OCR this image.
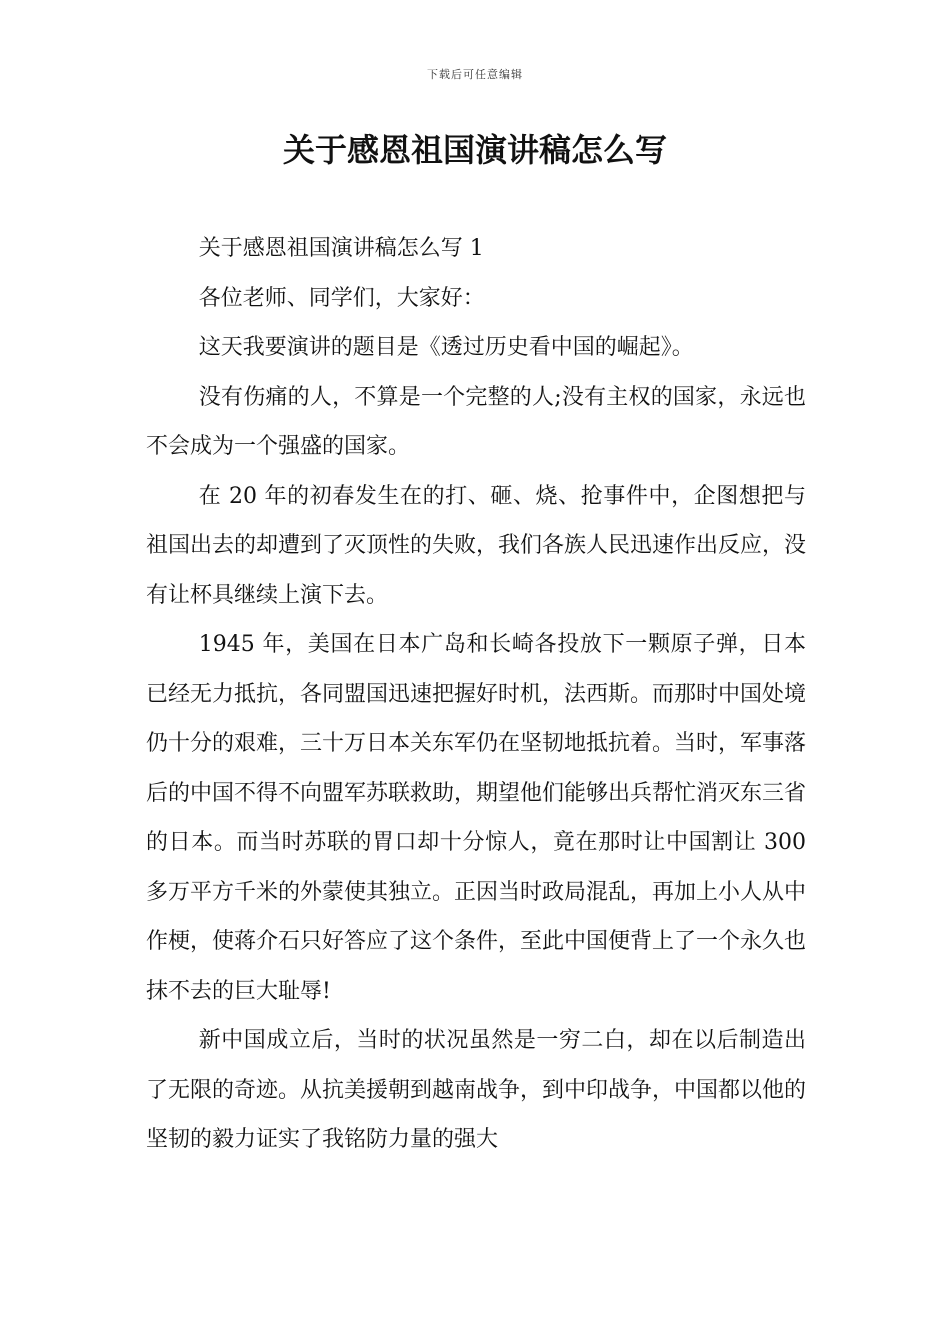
下载后可任意编辑
关于感恩祖国演讲稿怎么写

关于感恩祖国演讲稿怎么写 1

各位老师、同学们，大家好：

这天我要演讲的题目是《透过历史看中国的崛起》。

没有伤痛的人，不算是一个完整的人;没有主权的国家，永远也不会成为一个强盛的国家。

在 20 年的初春发生在的打、砸、烧、抢事件中，企图想把与祖国出去的却遭到了灭顶性的失败，我们各族人民迅速作出反应，没有让杯具继续上演下去。

1945 年，美国在日本广岛和长崎各投放下一颗原子弹，日本已经无力抵抗，各同盟国迅速把握好时机，法西斯。而那时中国处境仍十分的艰难，三十万日本关东军仍在坚韧地抵抗着。当时，军事落后的中国不得不向盟军苏联救助，期望他们能够出兵帮忙消灭东三省的日本。而当时苏联的胃口却十分惊人，竟在那时让中国割让 300 多万平方千米的外蒙使其独立。正因当时政局混乱，再加上小人从中作梗，使蒋介石只好答应了这个条件，至此中国便背上了一个永久也抹不去的巨大耻辱!

新中国成立后，当时的状况虽然是一穷二白，却在以后制造出了无限的奇迹。从抗美援朝到越南战争，到中印战争，中国都以他的坚韧的毅力证实了我铭防力量的强大
